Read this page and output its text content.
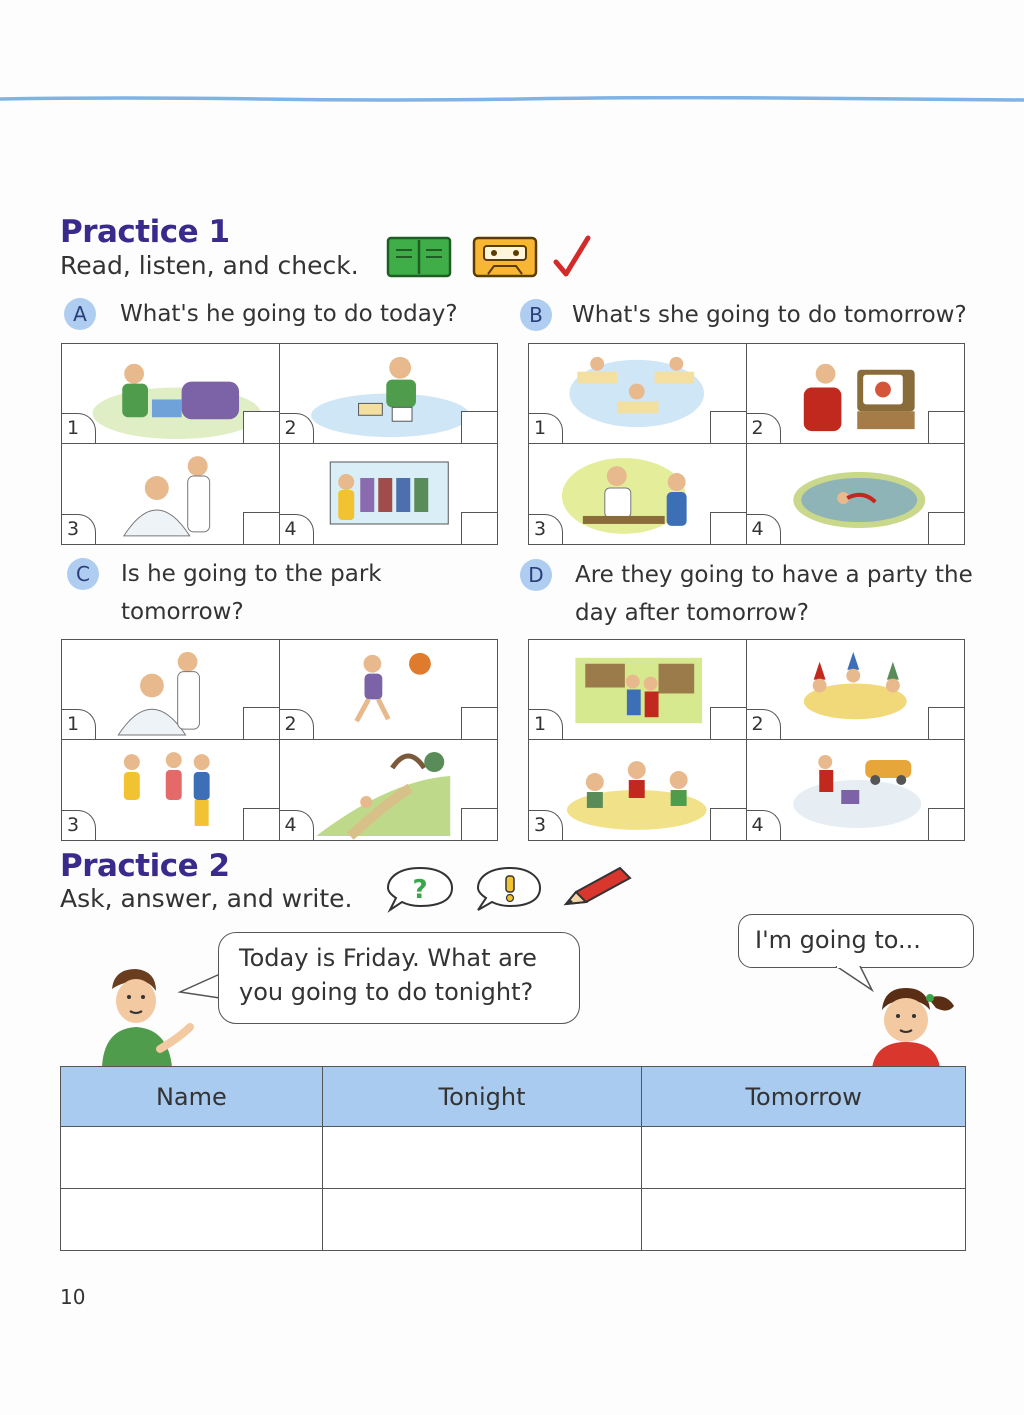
Practice 1
Read, listen, and check.
A	What's he going to do today?
1	2
3	4
B	What's she going to do tomorrow?
1	2
3	4
C	Is he going to the park
tomorrow?
1	2
3	4
D	Are they going to have a party the
day after tomorrow?
1	2
3	4
Practice 2
Ask, answer, and write. ?
Today is Friday. What are
you going to do tonight?
I'm going to...
Name	Tonight	Tomorrow

10
